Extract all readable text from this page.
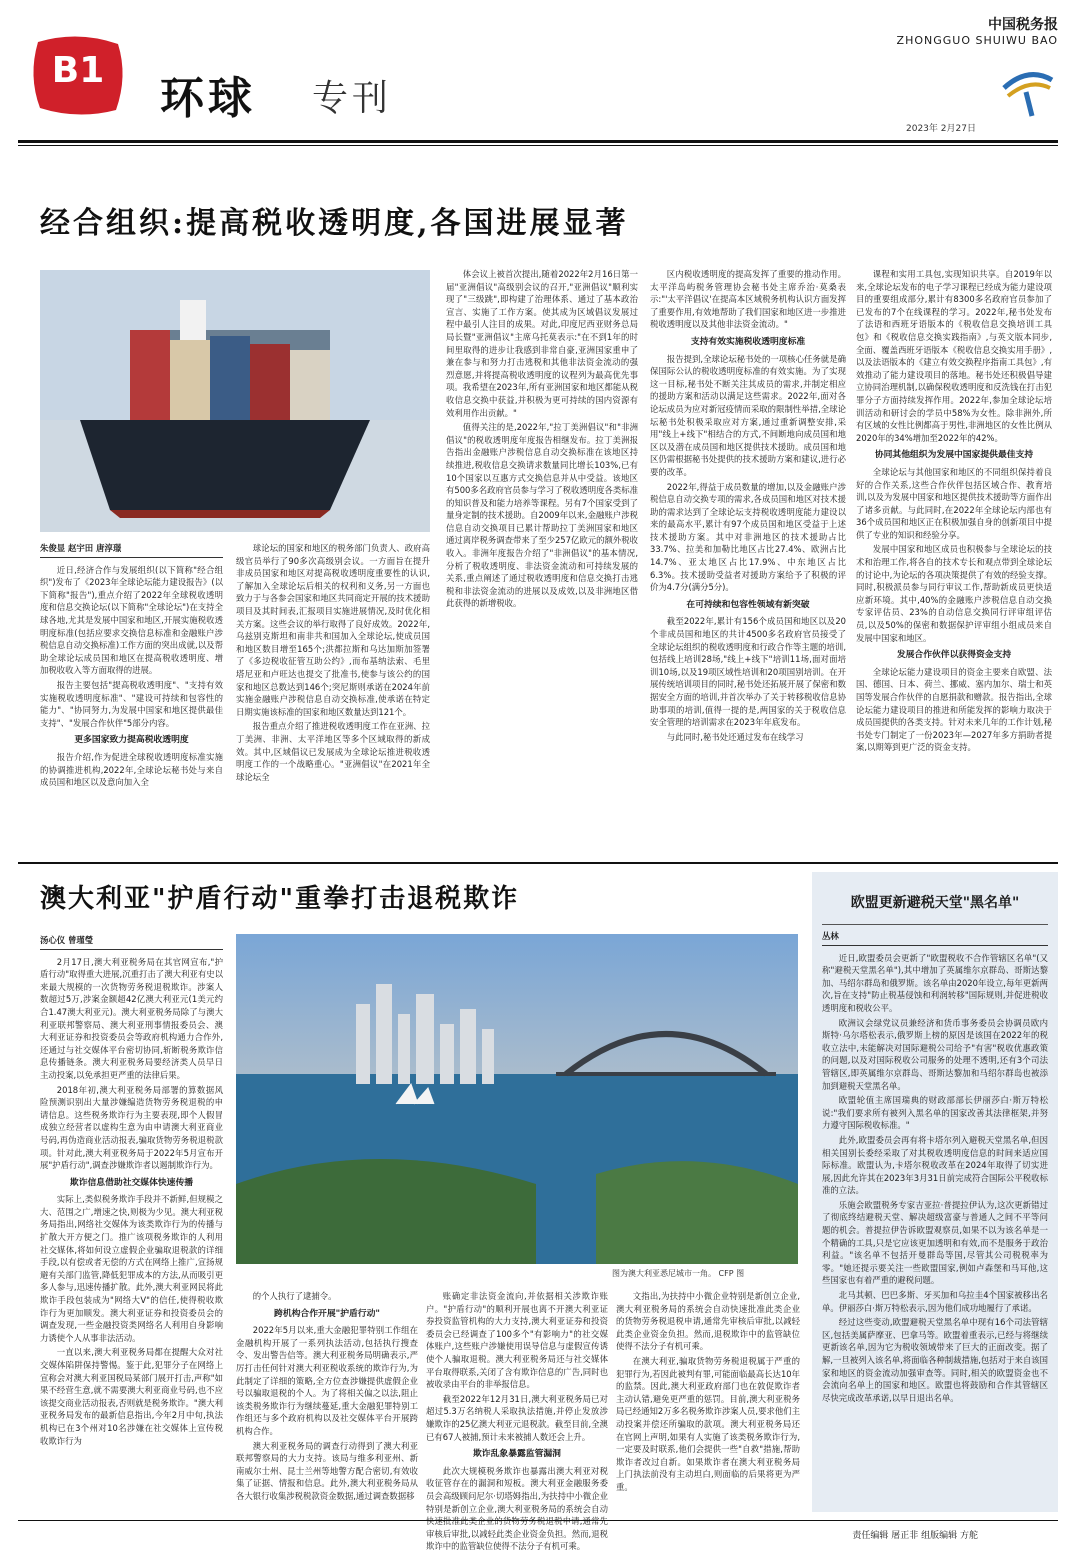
B1
环球 专刊
中国税务报
ZHONGGUO SHUIWU BAO
2023年 2月27日
经合组织:提高税收透明度,各国进展显著
朱俊显 赵宇田 唐淳璟

近日,经济合作与发展组织(以下简称"经合组织")发布了《2023年全球论坛能力建设报告》(以下简称"报告"),重点介绍了2022年全球税收透明度和信息交换论坛(以下简称"全球论坛")在支持全球各地,尤其是发展中国家和地区,开展实施税收透明度标准(包括应要求交换信息标准和金融账户涉税信息自动交换标准)工作方面的突出成就,以及帮助全球论坛成员国和地区在提高税收透明度、增加税收收入等方面取得的进展。

报告主要包括"提高税收透明度"、"支持有效实施税收透明度标准"、"建设可持续和包容性的能力"、"协同努力,为发展中国家和地区提供最佳支持"、"发展合作伙伴"5部分内容。

更多国家致力提高税收透明度

报告介绍,作为促进全球税收透明度标准实施的协调推进机构,2022年,全球论坛秘书处与来自成员国和地区以及意向加入全

球论坛的国家和地区的税务部门负责人、政府高级官员举行了90多次高级别会议。一方面旨在提升非成员国家和地区对提高税收透明度重要性的认识,了解加入全球论坛后相关的权利和义务,另一方面也致力于与各参会国家和地区共同商定开展的技术援助项目及其时间表,汇报项目实施进展情况,及时优化相关方案。这些会议的举行取得了良好成效。2022年,乌兹别克斯坦和南非共和国加入全球论坛,使成员国和地区数目增至165个;洪都拉斯和乌达加斯加签署了《多边税收征管互助公约》,而布基纳法索、毛里塔尼亚和卢旺达也提交了批准书,使参与该公约的国家和地区总数达到146个;突尼斯则承诺在2024年前实施金融账户涉税信息自动交换标准,使承诺在特定日期实施该标准的国家和地区数量达到121个。

报告重点介绍了推进税收透明度工作在亚洲、拉丁美洲、非洲、太平洋地区等多个区域取得的新成效。其中,区域倡议已发展成为全球论坛推进税收透明度工作的一个战略重心。"亚洲倡议"在2021年全球论坛全

体会议上被首次提出,随着2022年2月16日第一届"亚洲倡议"高级别会议的召开,"亚洲倡议"顺利实现了"三级跳",即构建了治理体系、通过了基本政治宣言、实施了工作方案。使其成为区域倡议发展过程中最引人注目的成果。对此,印度尼西亚财务总局局长暨"亚洲倡议"主席乌托莫表示:"在不到1年的时间里取得的进步让我感到非常自豪,亚洲国家重申了兼在参与和努力打击逃税和其他非法资金流动的强烈意愿,并将提高税收透明度的议程列为最高优先事项。我希望在2023年,所有亚洲国家和地区都能从税收信息交换中获益,并积极为更可持续的国内资源有效利用作出贡献。"

值得关注的是,2022年,"拉丁美洲倡议"和"非洲倡议"的税收透明度年度报告相继发布。拉丁美洲报告指出金融账户涉税信息自动交换标准在该地区持续推进,税收信息交换请求数量同比增长103%,已有10个国家以互惠方式交换信息并从中受益。该地区有500多名政府官员参与学习了税收透明度各类标准的知识普及和能力培养等课程。另有7个国家受到了量身定制的技术援助。自2009年以来,金融账户涉税信息自动交换项目已累计帮助拉丁美洲国家和地区通过离岸税务调查带来了至少257亿欧元的额外税收收入。非洲年度报告介绍了"非洲倡议"的基本情况,分析了税收透明度、非法资金流动和可持续发展的关系,重点阐述了通过税收透明度和信息交换打击逃税和非法资金流动的进展以及成效,以及非洲地区借此获得的新增税收。

区内税收透明度的提高发挥了重要的推动作用。太平洋岛屿税务管理协会秘书处主席乔治·莫桑表示:"'太平洋倡议'在提高本区域税务机构认识方面发挥了重要作用,有效地帮助了我们国家和地区进一步推进税收透明度以及其他非法资金流动。"

支持有效实施税收透明度标准

报告提到,全球论坛秘书处的一项核心任务就是确保国际公认的税收透明度标准的有效实施。为了实现这一目标,秘书处不断关注其成员的需求,并制定相应的援助方案和活动以满足这些需求。2022年,面对各论坛成员为应对新冠疫情而采取的限制性举措,全球论坛秘书处积极采取应对方案,通过重新调整安排,采用"线上+线下"相结合的方式,不间断地向成员国和地区以及潜在成员国和地区提供技术援助。成员国和地区仍需根据秘书处提供的技术援助方案和建议,进行必要的改革。

2022年,得益于成员数量的增加,以及金融账户涉税信息自动交换专项的需求,各成员国和地区对技术援助的需求达到了全球论坛支持税收透明度能力建设以来的最高水平,累计有97个成员国和地区受益于上述技术援助方案。其中对非洲地区的技术援助占比33.7%、拉美和加勒比地区占比27.4%、欧洲占比14.7%、亚太地区占比17.9%、中东地区占比6.3%。技术援助受益者对援助方案给予了积极的评价为4.7分(满分5分)。

在可持续和包容性领域有新突破

截至2022年,累计有156个成员国和地区以及20个非成员国和地区的共计4500多名政府官员接受了全球论坛组织的税收透明度和行政合作等主题的培训,包括线上培训28场,"线上+线下"培训11场,面对面培训10场,以及19项区域性培训和20项国别培训。在开展传统培训项目的同时,秘书处还拓展开展了保密和数据安全方面的培训,并首次举办了关于转移税收信息协助事项的培训,值得一提的是,两国家的关于税收信息安全管理的培训需求在2023年年底发布。

与此同时,秘书处还通过发布在线学习

课程和实用工具包,实现知识共享。自2019年以来,全球论坛发布的电子学习课程已经成为能力建设项目的重要组成部分,累计有8300多名政府官员参加了已发布的7个在线课程的学习。2022年,秘书处发布了法语和西班牙语版本的《税收信息交换培训工具包》和《税收信息交换实践指南》,与英文版本同步,全面、覆盖西班牙语版本《税收信息交换实用手册》,以及法语版本的《建立有效交换程序指南工具包》,有效推动了能力建设项目的落地。秘书处还积极倡导建立协同治理机制,以确保税收透明度和反洗钱在打击犯罪分子方面持续发挥作用。2022年,参加全球论坛培训活动和研讨会的学员中58%为女性。除非洲外,所有区域的女性比例都高于男性,非洲地区的女性比例从2020年的34%增加至2022年的42%。

协同其他组织为发展中国家提供最佳支持

全球论坛与其他国家和地区的不同组织保持着良好的合作关系,这些合作伙伴包括区域合作、教育培训,以及为发展中国家和地区提供技术援助等方面作出了诸多贡献。与此同时,在2022年全球论坛内部也有36个成员国和地区正在积极加强自身的创新项目中提供了专业的知识和经验分享。

发展中国家和地区成员也积极参与全球论坛的技术和治理工作,将各自的技术专长和观点带到全球论坛的讨论中,为论坛的各项决策提供了有效的经验支撑。同时,积极派员参与同行审议工作,帮助新成员更快适应新环境。其中,40%的金融账户涉税信息自动交换专家评估员、23%的自动信息交换同行评审组评估员,以及50%的保密和数据保护评审组小组成员来自发展中国家和地区。

发展合作伙伴以获得资金支持

全球论坛能力建设项目的资金主要来自欧盟、法国、德国、日本、荷兰、挪威、塞内加尔、瑞士和英国等发展合作伙伴的自愿捐款和赠款。报告指出,全球论坛能力建设项目的推进和所能发挥的影响力取决于成员国提供的各类支持。针对未来几年的工作计划,秘书处专门制定了一份2023年—2027年多方捐助者提案,以期筹到更广泛的资金支持。

澳大利亚"护盾行动"重拳打击退税欺诈
图为澳大利亚悉尼城市一角。 CFP 图
汤心仪 曾瑾瑩

2月17日,澳大利亚税务局在其官网宣布,"护盾行动"取得重大进展,沉重打击了澳大利亚有史以来最大规模的一次货物劳务税退税欺诈。涉案人数超过5万,涉案金额超42亿澳大利亚元(1美元约合1.47澳大利亚元)。澳大利亚税务局除了与澳大利亚联邦警察局、澳大利亚刑事情报委员会、澳大利亚证券和投资委员会等政府机构通力合作外,还通过与社交媒体平台密切协同,斩断税务欺诈信息传播链条。澳大利亚税务局要经济类人员早日主动投案,以免承担更严重的法律后果。

2018年初,澳大利亚税务局部署的算数据风险预测识别出大量涉嫌编造货物劳务税退税的申请信息。这些税务欺诈行为主要表现,即个人假冒成独立经营者以虚构生意为由申请澳大利亚商业号码,再伪造商业活动报表,骗取货物劳务税退税款项。针对此,澳大利亚税务局于2022年5月宣布开展"护盾行动",调查涉嫌欺诈者以遏制欺诈行为。

欺诈信息借助社交媒体快速传播

实际上,类似税务欺诈手段并不新鲜,但规模之大、范围之广,增速之快,则极为少见。澳大利亚税务局指出,网络社交媒体为该类欺诈行为的传播与扩散大开方便之门。推广该项税务欺诈的人利用社交媒体,将如何设立虚假企业骗取退税款的详细手段,以有偿或者无偿的方式在网络上推广,宣扬规避有关部门监管,降低犯罪成本的方法,从而吸引更多人参与,迅速传播扩散。此外,澳大利亚网民将此欺诈手段包装成为"网络大V"的信任,使得税收欺诈行为更加顺发。澳大利亚证券和投资委员会的调查发现,一些金融投资类网络名人利用自身影响力诱使个人从事非法活动。

一直以来,澳大利亚税务局都在提醒大众对社交媒体陷阱保持警惕。鉴于此,犯罪分子在网络上宣称会对澳大利亚国税局某部门展开打击,声称"如果不经营生意,就不需要澳大利亚商业号码,也不应该提交商业活动报表,否则就是税务欺诈。"澳大利亚税务局发布的最新信息指出,今年2月中旬,执法机构已在3个州对10名涉嫌在社交媒体上宣传税收欺诈行为

的个人执行了逮捕令。

跨机构合作开展"护盾行动"

2022年5月以来,重大金融犯罪特别工作组在金融机构开展了一系列执法活动,包括执行搜查令、发出警告信等。澳大利亚税务局明确表示,严厉打击任何针对澳大利亚税收系统的欺诈行为,为此制定了详细的策略,全方位查涉嫌提供虚假企业号以骗取退税的个人。为了将相关偏之以法,阻止该类税务欺诈行为继续蔓延,重大金融犯罪特别工作组还与多个政府机构以及社交媒体平台开展跨机构合作。

澳大利亚税务局的调查行动得到了澳大利亚联邦警察局的大力支持。该局与维多利亚州、新南威尔士州、昆士兰州等地警方配合密切,有效收集了证据、情报和信息。此外,澳大利亚税务局从各大银行收集涉税税款资金数据,通过调查数据移

账确定非法资金流向,并依据相关涉欺诈账户。"护盾行动"的顺利开展也离不开澳大利亚证券投资监管机构的大力支持,澳大利亚证券和投资委员会已经调查了100多个"有影响力"的社交媒体账户,这些账户涉嫌使用误导信息与虚假宣传诱使个人骗取退税。澳大利亚税务局还与社交媒体平台取得联系,关闭了含有欺诈信息的广告,同时也被收录由平台的非举报信息。

截至2022年12月31日,澳大利亚税务局已对超过5.3万名纳税人采取执法措施,并停止发放涉嫌欺诈的25亿澳大利亚元退税款。截至目前,全澳已有67人被捕,预计未来被捕人数还会上升。

欺诈乱象暴露监管漏洞

此次大规模税务欺诈也暴露出澳大利亚对税收征管存在的漏洞和短板。澳大利亚金融服务委员会高级顾问尼尔·切塔姆指出,为扶持中小微企业特别是新创立企业,澳大利亚税务局的系统会自动快速批准此类企业的货物劳务税退税申请,通常先审核后审批,以减轻此类企业资金负担。然而,退税欺诈中的监管缺位使得不法分子有机可乘。

文指出,为扶持中小微企业特别是新创立企业,澳大利亚税务局的系统会自动快速批准此类企业的货物劳务税退税申请,通常先审核后审批,以减轻此类企业资金负担。然而,退税欺诈中的监管缺位使得不法分子有机可乘。

在澳大利亚,骗取货物劳务税退税属于严重的犯罪行为,若因此被判有罪,可能面临最高长达10年的监禁。因此,澳大利亚政府部门也在敦促欺诈者主动认错,避免更严重的惩罚。目前,澳大利亚税务局已经通知2万多名税务欺诈涉案人员,要求他们主动投案并偿还所骗取的款项。澳大利亚税务局还在官网上声明,如果有人实施了该类税务欺诈行为,一定要及时联系,他们会提供一些"自救"措施,帮助欺诈者改过自新。如果欺诈者在澳大利亚税务局上门执法前没有主动坦白,则面临的后果将更为严重。

欧盟更新避税天堂"黑名单"
丛林

近日,欧盟委员会更新了"欧盟税收不合作管辖区名单"(又称"避税天堂黑名单"),其中增加了英属维尔京群岛、哥斯达黎加、马绍尔群岛和俄罗斯。该名单由2020年设立,每年更新两次,旨在支持"防止税基侵蚀和利润转移"国际规则,并促进税收透明度和税收公平。

欧洲议会绿党议员兼经济和货币事务委员会协调员欧内斯特·乌尔塔松表示,俄罗斯上榜的原因是该国在2022年的税收立法中,未能解决对国际避税公司给予"有害"税收优惠政策的问题,以及对国际税收公司服务的处理不透明,还有3个司法管辖区,即英属维尔京群岛、哥斯达黎加和马绍尔群岛也被添加到避税天堂黑名单。

欧盟轮值主席国瑞典的财政部部长伊丽莎白·斯万特松说:"我们要求所有被列入黑名单的国家改善其法律框架,并努力遵守国际税收标准。"

此外,欧盟委员会再有将卡塔尔列入避税天堂黑名单,但因相关国别长委经采取了对其税收透明度信息的时间来适应国际标准。欧盟认为,卡塔尔税收改革在2024年取得了切实进展,因此允许其在2023年3月31日前完成符合国际公平税收标准的立法。

乐施会欧盟税务专家吉亚拉·普提拉伊认为,这次更新错过了彻底终结避税天堂、解决超级富豪与普通人之间不平等问题的机会。普提拉伊告诉欧盟观察员,如果不以为该名单是一个精确的工具,只是它应该更加透明和有效,而不是服务于政治利益。"该名单不包括开曼群岛等国,尽管其公司税税率为零。"她还提示要关注一些欧盟国家,例如卢森堡和马耳他,这些国家也有着严重的避税问题。

北马其顿、巴巴多斯、牙买加和乌拉圭4个国家被移出名单。伊丽莎白·斯万特松表示,因为他们成功地履行了承诺。

经过这些变动,欧盟避税天堂黑名单中现有16个司法管辖区,包括美属萨摩亚、巴拿马等。欧盟着重表示,已经与将继续更新该名单,因为它为税收领域带来了巨大的正面改变。据了解,一旦被列入该名单,将面临各种制裁措施,包括对于来自该国家和地区的资金流动加强审查等。同时,相关的欧盟资金也不会流向名单上的国家和地区。欧盟也将鼓励和合作其管辖区尽快完成改革承诺,以早日退出名单。

责任编辑 屠正非 组版编辑 方舵
